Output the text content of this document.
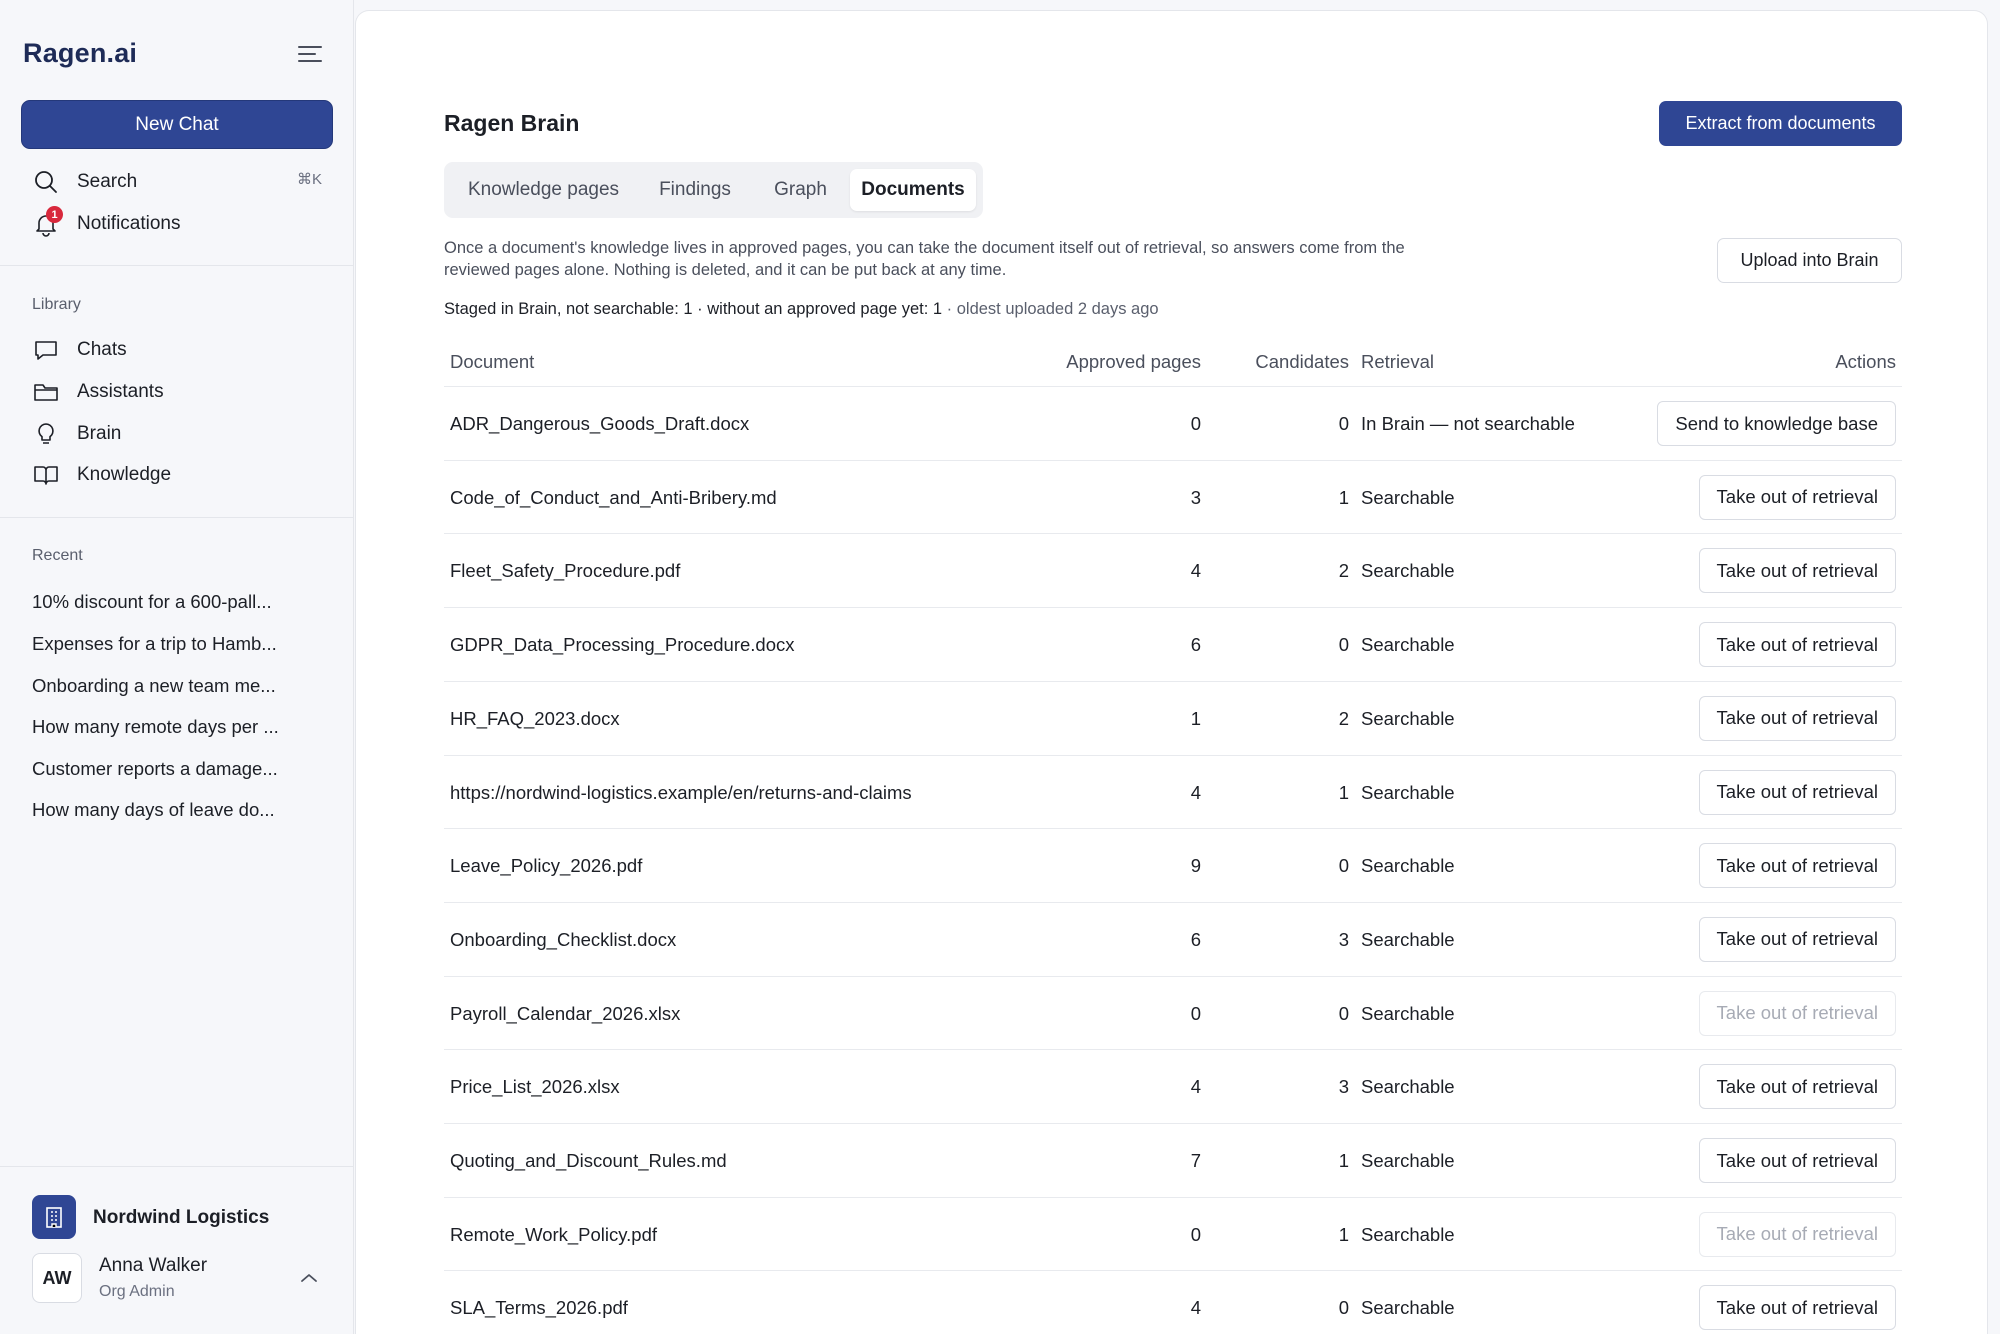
Ragen.ai
New Chat
Search	⌘K
1 Notifications
Library
Chats
Assistants
Brain
Knowledge
Recent
10% discount for a 600-pall...
Expenses for a trip to Hamb...
Onboarding a new team me...
How many remote days per ...
Customer reports a damage...
How many days of leave do...
Nordwind Logistics
AW
Anna Walker
Org Admin
Ragen Brain	Extract from documents
Knowledge pages	Findings	Graph	Documents

Once a document's knowledge lives in approved pages, you can take the document itself out of retrieval, so answers come from the reviewed pages alone. Nothing is deleted, and it can be put back at any time.	Upload into Brain
Staged in Brain, not searchable: 1 · without an approved page yet: 1 · oldest uploaded 2 days ago
Document	Approved pages	Candidates Retrieval	Actions
ADR_Dangerous_Goods_Draft.docx	0	0 In Brain — not searchable	Send to knowledge base
Code_of_Conduct_and_Anti-Bribery.md	3	1 Searchable	Take out of retrieval
Fleet_Safety_Procedure.pdf	4	2 Searchable	Take out of retrieval
GDPR_Data_Processing_Procedure.docx	6	0 Searchable	Take out of retrieval
HR_FAQ_2023.docx	1	2 Searchable	Take out of retrieval
https://nordwind-logistics.example/en/returns-and-claims	4	1 Searchable	Take out of retrieval
Leave_Policy_2026.pdf	9	0 Searchable	Take out of retrieval
Onboarding_Checklist.docx	6	3 Searchable	Take out of retrieval
Payroll_Calendar_2026.xlsx	0	0 Searchable	Take out of retrieval
Price_List_2026.xlsx	4	3 Searchable	Take out of retrieval
Quoting_and_Discount_Rules.md	7	1 Searchable	Take out of retrieval
Remote_Work_Policy.pdf	0	1 Searchable	Take out of retrieval
SLA_Terms_2026.pdf	4	0 Searchable	Take out of retrieval
